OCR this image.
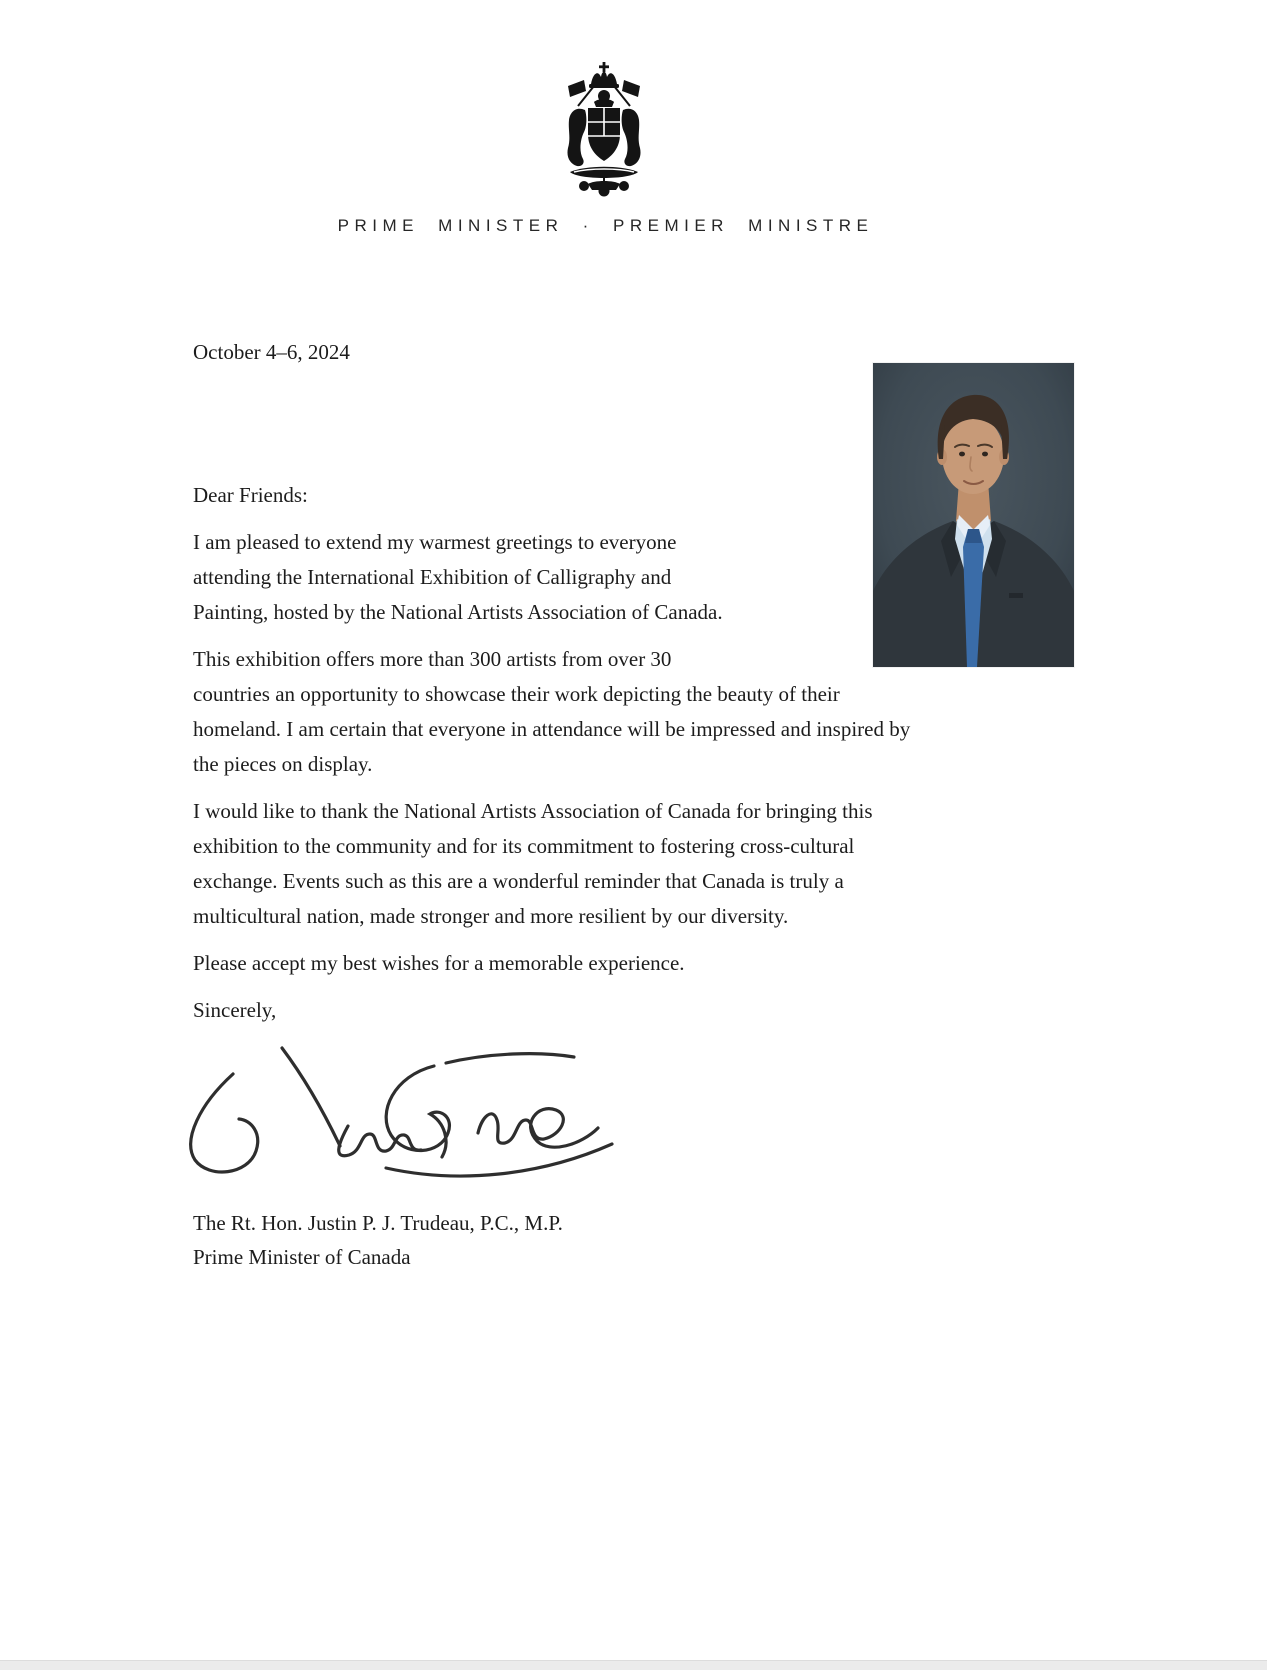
PRIME MINISTER · PREMIER MINISTRE
October 4–6, 2024
Dear Friends:
I am pleased to extend my warmest greetings to everyone
attending the International Exhibition of Calligraphy and
Painting, hosted by the National Artists Association of Canada.
This exhibition offers more than 300 artists from over 30
countries an opportunity to showcase their work depicting the beauty of their
homeland. I am certain that everyone in attendance will be impressed and inspired by
the pieces on display.
I would like to thank the National Artists Association of Canada for bringing this
exhibition to the community and for its commitment to fostering cross-cultural
exchange. Events such as this are a wonderful reminder that Canada is truly a
multicultural nation, made stronger and more resilient by our diversity.
Please accept my best wishes for a memorable experience.
Sincerely,
The Rt. Hon. Justin P. J. Trudeau, P.C., M.P.
Prime Minister of Canada
